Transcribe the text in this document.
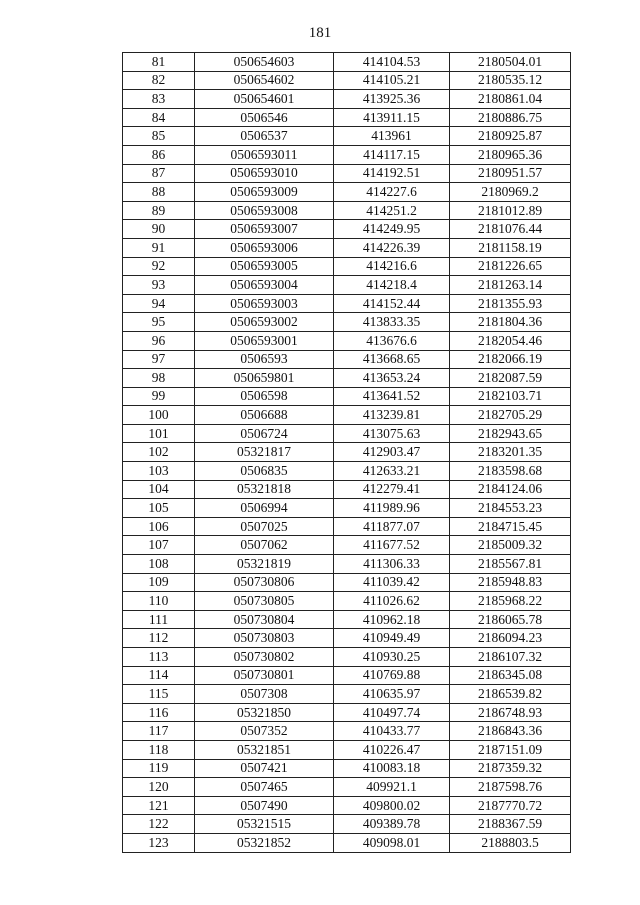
181
81	050654603	414104.53	2180504.01
82	050654602	414105.21	2180535.12
83	050654601	413925.36	2180861.04
84	0506546	413911.15	2180886.75
85	0506537	413961	2180925.87
86	0506593011	414117.15	2180965.36
87	0506593010	414192.51	2180951.57
88	0506593009	414227.6	2180969.2
89	0506593008	414251.2	2181012.89
90	0506593007	414249.95	2181076.44
91	0506593006	414226.39	2181158.19
92	0506593005	414216.6	2181226.65
93	0506593004	414218.4	2181263.14
94	0506593003	414152.44	2181355.93
95	0506593002	413833.35	2181804.36
96	0506593001	413676.6	2182054.46
97	0506593	413668.65	2182066.19
98	050659801	413653.24	2182087.59
99	0506598	413641.52	2182103.71
100	0506688	413239.81	2182705.29
101	0506724	413075.63	2182943.65
102	05321817	412903.47	2183201.35
103	0506835	412633.21	2183598.68
104	05321818	412279.41	2184124.06
105	0506994	411989.96	2184553.23
106	0507025	411877.07	2184715.45
107	0507062	411677.52	2185009.32
108	05321819	411306.33	2185567.81
109	050730806	411039.42	2185948.83
110	050730805	411026.62	2185968.22
111	050730804	410962.18	2186065.78
112	050730803	410949.49	2186094.23
113	050730802	410930.25	2186107.32
114	050730801	410769.88	2186345.08
115	0507308	410635.97	2186539.82
116	05321850	410497.74	2186748.93
117	0507352	410433.77	2186843.36
118	05321851	410226.47	2187151.09
119	0507421	410083.18	2187359.32
120	0507465	409921.1	2187598.76
121	0507490	409800.02	2187770.72
122	05321515	409389.78	2188367.59
123	05321852	409098.01	2188803.5
